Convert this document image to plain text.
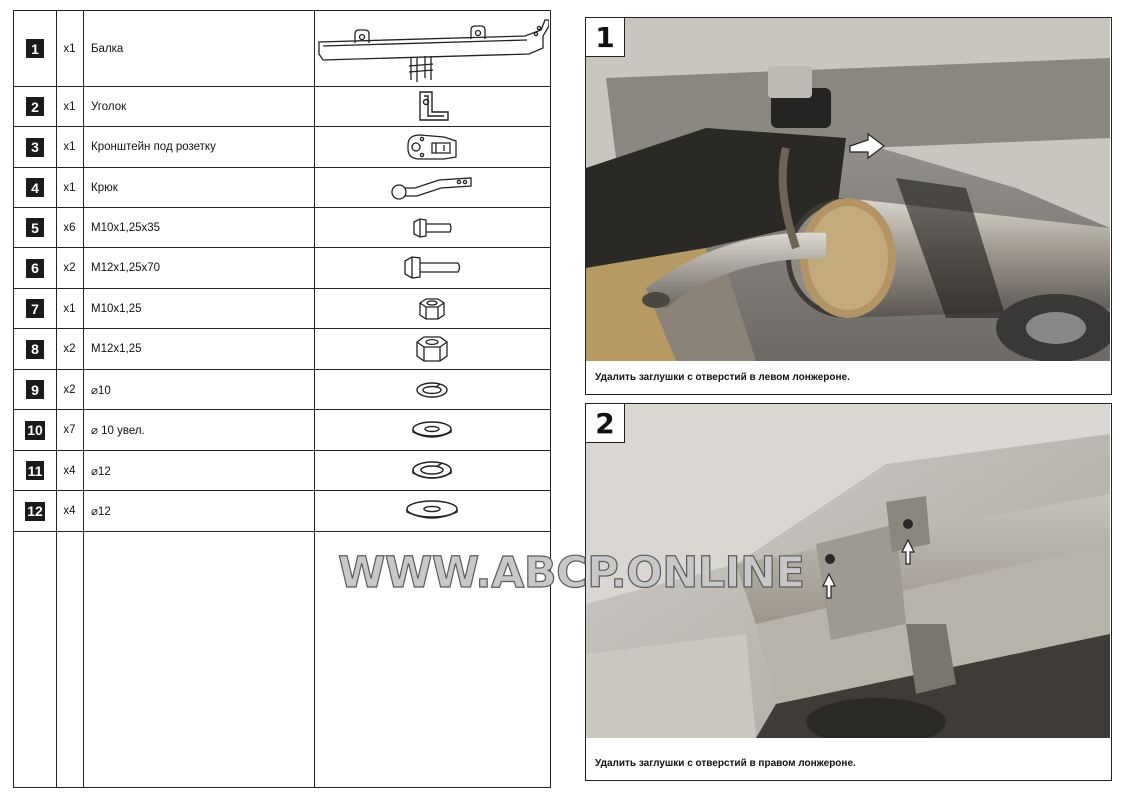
1	x1	Балка
2	x1	Уголок
3	x1	Кронштейн под розетку
4	x1	Крюк
5	x6	M10x1,25x35
6	x2	M12x1,25x70
7	x1	M10x1,25
8	x2	M12x1,25
9	x2	⌀10
10	x7	⌀ 10 увел.
11	x4	⌀12
12	x4	⌀12
1
Удалить заглушки с отверстий в левом лонжероне.
2
Удалить заглушки с отверстий в правом лонжероне.
WWW.ABCP.ONLINE
